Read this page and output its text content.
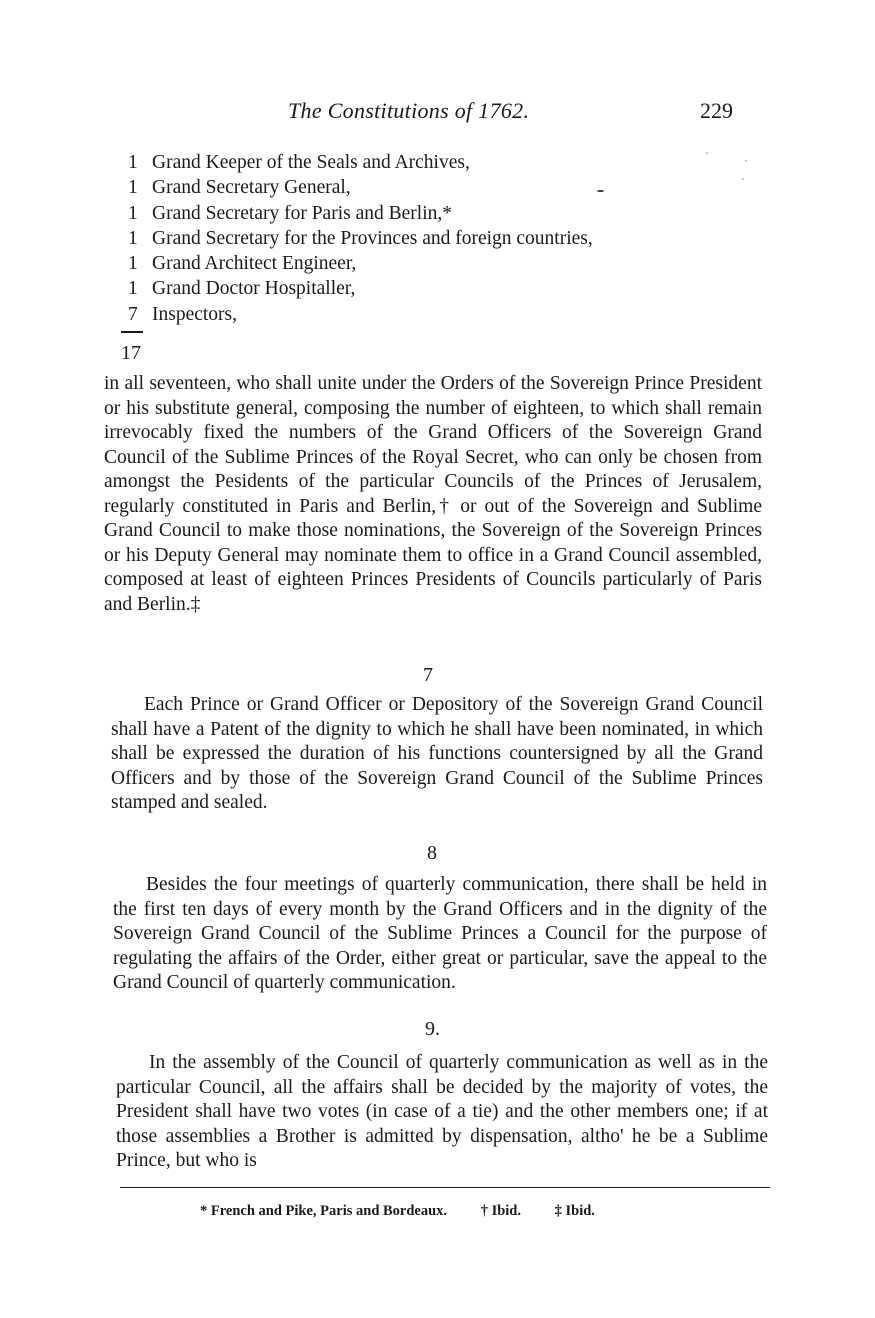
The Constitutions of 1762.	229
1 Grand Keeper of the Seals and Archives,
1 Grand Secretary General,
1 Grand Secretary for Paris and Berlin,*
1 Grand Secretary for the Provinces and foreign countries,
1 Grand Architect Engineer,
1 Grand Doctor Hospitaller,
7 Inspectors,
17

in all seventeen, who shall unite under the Orders of the Sovereign Prince President or his substitute general, composing the number of eighteen, to which shall remain irrevocably fixed the numbers of the Grand Officers of the Sovereign Grand Council of the Sublime Princes of the Royal Secret, who can only be chosen from amongst the Pesidents of the particular Councils of the Princes of Jerusalem, regularly constituted in Paris and Berlin,† or out of the Sovereign and Sublime Grand Council to make those nominations, the Sovereign of the Sovereign Princes or his Deputy General may nominate them to office in a Grand Council assembled, composed at least of eighteen Princes Presidents of Councils particularly of Paris and Berlin.‡

7

Each Prince or Grand Officer or Depository of the Sovereign Grand Council shall have a Patent of the dignity to which he shall have been nominated, in which shall be expressed the duration of his functions countersigned by all the Grand Officers and by those of the Sovereign Grand Council of the Sublime Princes stamped and sealed.

8

Besides the four meetings of quarterly communication, there shall be held in the first ten days of every month by the Grand Officers and in the dignity of the Sovereign Grand Council of the Sublime Princes a Council for the purpose of regulating the affairs of the Order, either great or particular, save the appeal to the Grand Council of quarterly communication.

9.

In the assembly of the Council of quarterly communication as well as in the particular Council, all the affairs shall be decided by the majority of votes, the President shall have two votes (in case of a tie) and the other members one; if at those assemblies a Brother is admitted by dispensation, altho' he be a Sublime Prince, but who is

* French and Pike, Paris and Bordeaux. † Ibid. ‡ Ibid.
